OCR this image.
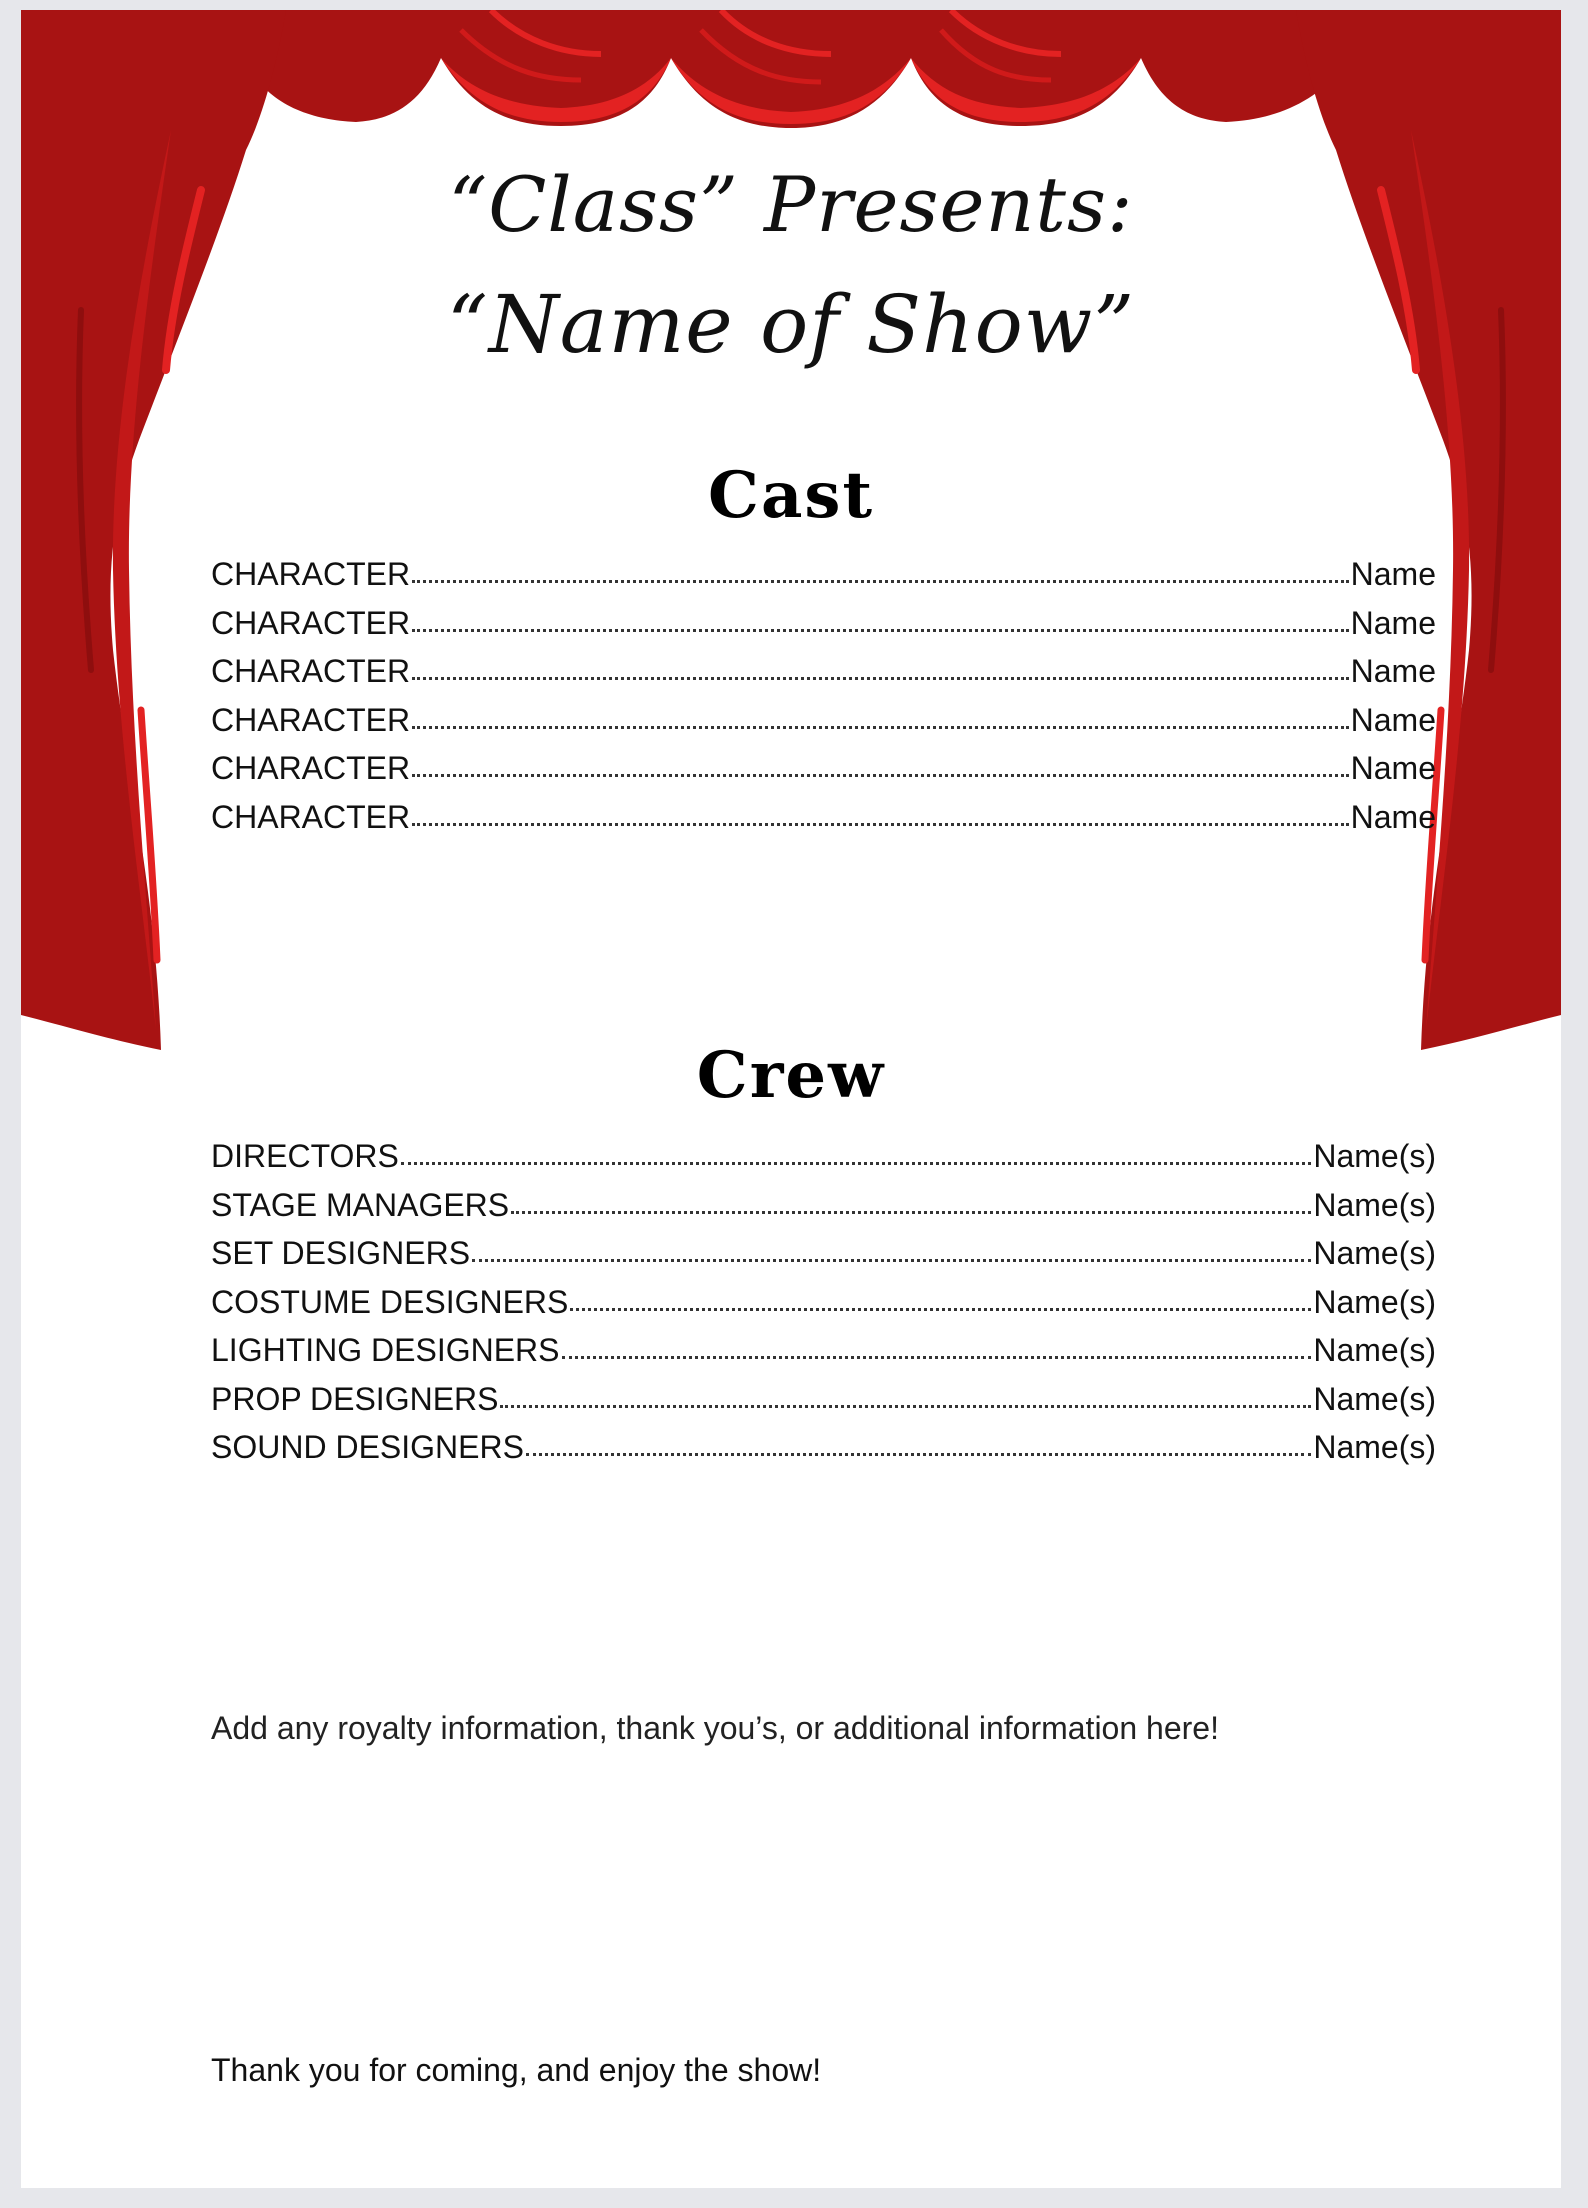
“Class” Presents:
“Name of Show”
Cast
CHARACTER	Name
CHARACTER	Name
CHARACTER	Name
CHARACTER	Name
CHARACTER	Name
CHARACTER	Name
Crew
DIRECTORS	Name(s)
STAGE MANAGERS	Name(s)
SET DESIGNERS	Name(s)
COSTUME DESIGNERS	Name(s)
LIGHTING DESIGNERS	Name(s)
PROP DESIGNERS	Name(s)
SOUND DESIGNERS	Name(s)
Add any royalty information, thank you’s, or additional information here!
Thank you for coming, and enjoy the show!
